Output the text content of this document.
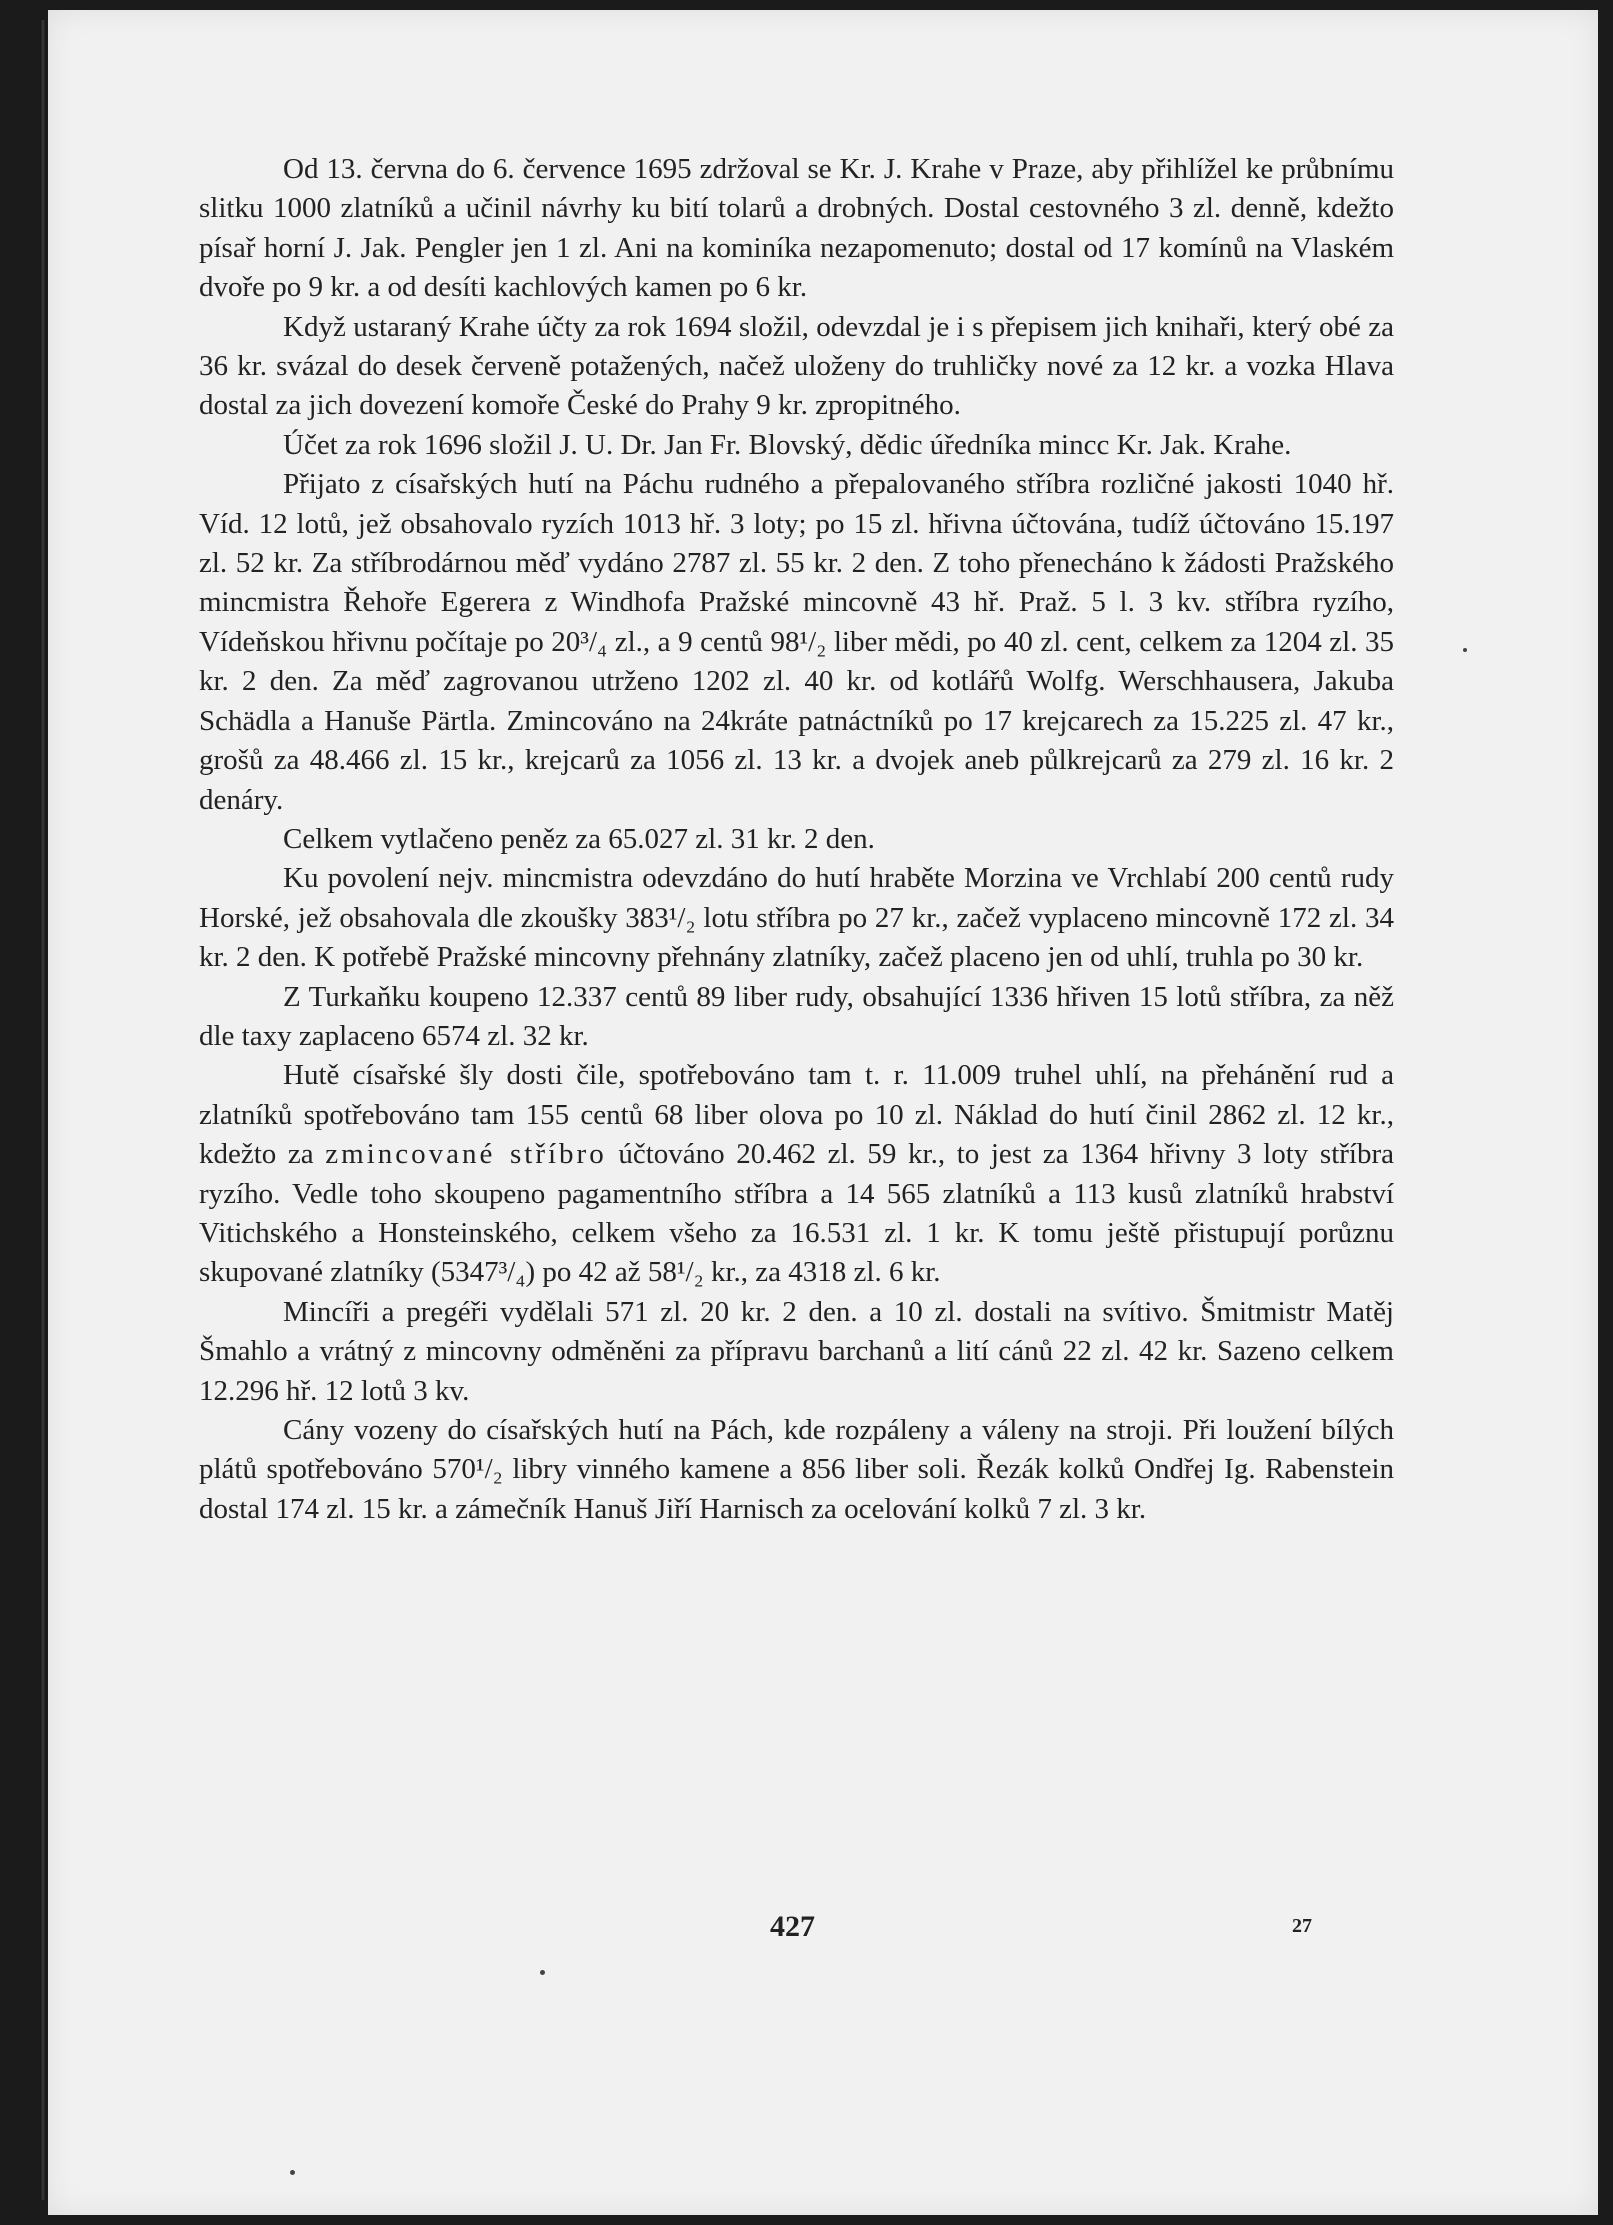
Od 13. června do 6. července 1695 zdržoval se Kr. J. Krahe v Praze, aby přihlížel ke průbnímu slitku 1000 zlatníků a učinil návrhy ku bití tolarů a drobných. Dostal cestovného 3 zl. denně, kdežto písař horní J. Jak. Pengler jen 1 zl. Ani na kominíka nezapomenuto; dostal od 17 komínů na Vlaském dvoře po 9 kr. a od desíti kachlových kamen po 6 kr.

Když ustaraný Krahe účty za rok 1694 složil, odevzdal je i s přepisem jich knihaři, který obé za 36 kr. svázal do desek červeně potažených, načež uloženy do truhličky nové za 12 kr. a vozka Hlava dostal za jich dovezení komoře České do Prahy 9 kr. zpropitného.

Účet za rok 1696 složil J. U. Dr. Jan Fr. Blovský, dědic úředníka mincc Kr. Jak. Krahe.

Přijato z císařských hutí na Páchu rudného a přepalovaného stříbra rozličné jakosti 1040 hř. Víd. 12 lotů, jež obsahovalo ryzích 1013 hř. 3 loty; po 15 zl. hřivna účtována, tudíž účtováno 15.197 zl. 52 kr. Za stříbrodárnou měď vydáno 2787 zl. 55 kr. 2 den. Z toho přenecháno k žádosti Pražského mincmistra Řehoře Egerera z Windhofa Pražské mincovně 43 hř. Praž. 5 l. 3 kv. stříbra ryzího, Vídeňskou hřivnu počítaje po 20³/₄ zl., a 9 centů 98¹/₂ liber mědi, po 40 zl. cent, celkem za 1204 zl. 35 kr. 2 den. Za měď zagrovanou utrženo 1202 zl. 40 kr. od kotlářů Wolfg. Werschhausera, Jakuba Schädla a Hanuše Pärtla. Zmincováno na 24kráte patnáctníků po 17 krejcarech za 15.225 zl. 47 kr., grošů za 48.466 zl. 15 kr., krejcarů za 1056 zl. 13 kr. a dvojek aneb půlkrejcarů za 279 zl. 16 kr. 2 denáry.

Celkem vytlačeno peněz za 65.027 zl. 31 kr. 2 den.

Ku povolení nejv. mincmistra odevzdáno do hutí hraběte Morzina ve Vrchlabí 200 centů rudy Horské, jež obsahovala dle zkoušky 383¹/₂ lotu stříbra po 27 kr., začež vyplaceno mincovně 172 zl. 34 kr. 2 den. K potřebě Pražské mincovny přehnány zlatníky, začež placeno jen od uhlí, truhla po 30 kr.

Z Turkaňku koupeno 12.337 centů 89 liber rudy, obsahující 1336 hřiven 15 lotů stříbra, za něž dle taxy zaplaceno 6574 zl. 32 kr.

Hutě císařské šly dosti čile, spotřebováno tam t. r. 11.009 truhel uhlí, na přehánění rud a zlatníků spotřebováno tam 155 centů 68 liber olova po 10 zl. Náklad do hutí činil 2862 zl. 12 kr., kdežto za zmincované stříbro účtováno 20.462 zl. 59 kr., to jest za 1364 hřivny 3 loty stříbra ryzího. Vedle toho skoupeno pagamentního stříbra a 14 565 zlatníků a 113 kusů zlatníků hrabství Vitichského a Honsteinského, celkem všeho za 16.531 zl. 1 kr. K tomu ještě přistupují porůznu skupované zlatníky (5347³/₄) po 42 až 58¹/₂ kr., za 4318 zl. 6 kr.

Mincíři a pregéři vydělali 571 zl. 20 kr. 2 den. a 10 zl. dostali na svítivo. Šmitmistr Matěj Šmahlo a vrátný z mincovny odměněni za přípravu barchanů a lití cánů 22 zl. 42 kr. Sazeno celkem 12.296 hř. 12 lotů 3 kv.

Cány vozeny do císařských hutí na Pách, kde rozpáleny a váleny na stroji. Při loužení bílých plátů spotřebováno 570¹/₂ libry vinného kamene a 856 liber soli. Řezák kolků Ondřej Ig. Rabenstein dostal 174 zl. 15 kr. a zámečník Hanuš Jiří Harnisch za ocelování kolků 7 zl. 3 kr.

427	27
